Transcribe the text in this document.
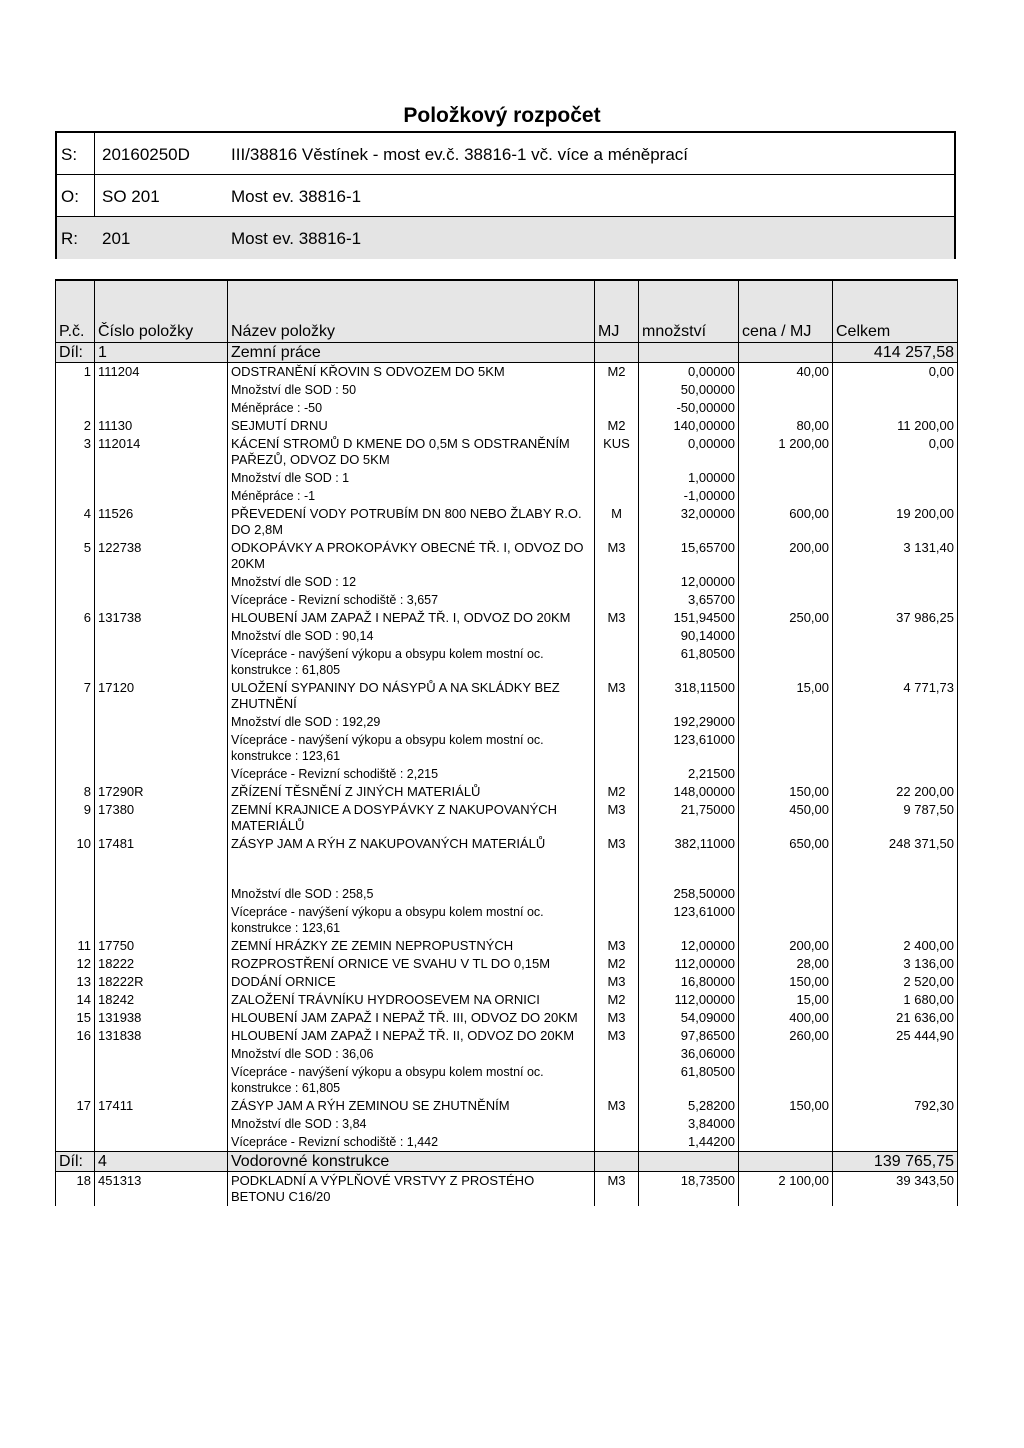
Položkový rozpočet
S: 20160250D III/38816 Věstínek - most ev.č. 38816-1 vč. více a méněprací
O: SO 201	Most ev. 38816-1
R: 201	Most ev. 38816-1
P.č.	Číslo položky	Název položky	MJ	množství	cena / MJ	Celkem
Díl:	1	Zemní práce				414 257,58
1	111204	ODSTRANĚNÍ KŘOVIN S ODVOZEM DO 5KM	M2	0,00000	40,00	0,00
		Množství dle SOD : 50		50,00000		
		Méněpráce : -50		-50,00000		
2	11130	SEJMUTÍ DRNU	M2	140,00000	80,00	11 200,00
3	112014	KÁCENÍ STROMŮ D KMENE DO 0,5M S ODSTRANĚNÍM PAŘEZŮ, ODVOZ DO 5KM	KUS	0,00000	1 200,00	0,00
		Množství dle SOD : 1		1,00000		
		Méněpráce : -1		-1,00000		
4	11526	PŘEVEDENÍ VODY POTRUBÍM DN 800 NEBO ŽLABY R.O. DO 2,8M	M	32,00000	600,00	19 200,00
5	122738	ODKOPÁVKY A PROKOPÁVKY OBECNÉ TŘ. I, ODVOZ DO 20KM	M3	15,65700	200,00	3 131,40
		Množství dle SOD : 12		12,00000		
		Vícepráce - Revizní schodiště : 3,657		3,65700		
6	131738	HLOUBENÍ JAM ZAPAŽ I NEPAŽ TŘ. I, ODVOZ DO 20KM	M3	151,94500	250,00	37 986,25
		Množství dle SOD : 90,14		90,14000		
		Vícepráce - navýšení výkopu a obsypu kolem mostní oc. konstrukce : 61,805		61,80500		
7	17120	ULOŽENÍ SYPANINY DO NÁSYPŮ A NA SKLÁDKY BEZ ZHUTNĚNÍ	M3	318,11500	15,00	4 771,73
		Množství dle SOD : 192,29		192,29000		
		Vícepráce - navýšení výkopu a obsypu kolem mostní oc. konstrukce : 123,61		123,61000		
		Vícepráce - Revizní schodiště : 2,215		2,21500		
8	17290R	ZŘÍZENÍ TĚSNĚNÍ Z JINÝCH MATERIÁLŮ	M2	148,00000	150,00	22 200,00
9	17380	ZEMNÍ KRAJNICE A DOSYPÁVKY Z NAKUPOVANÝCH MATERIÁLŮ	M3	21,75000	450,00	9 787,50
10	17481	ZÁSYP JAM A RÝH Z NAKUPOVANÝCH MATERIÁLŮ	M3	382,11000	650,00	248 371,50
		Množství dle SOD : 258,5		258,50000		
		Vícepráce - navýšení výkopu a obsypu kolem mostní oc. konstrukce : 123,61		123,61000		
11	17750	ZEMNÍ HRÁZKY ZE ZEMIN NEPROPUSTNÝCH	M3	12,00000	200,00	2 400,00
12	18222	ROZPROSTŘENÍ ORNICE VE SVAHU V TL DO 0,15M	M2	112,00000	28,00	3 136,00
13	18222R	DODÁNÍ ORNICE	M3	16,80000	150,00	2 520,00
14	18242	ZALOŽENÍ TRÁVNÍKU HYDROOSEVEM NA ORNICI	M2	112,00000	15,00	1 680,00
15	131938	HLOUBENÍ JAM ZAPAŽ I NEPAŽ TŘ. III, ODVOZ DO 20KM	M3	54,09000	400,00	21 636,00
16	131838	HLOUBENÍ JAM ZAPAŽ I NEPAŽ TŘ. II, ODVOZ DO 20KM	M3	97,86500	260,00	25 444,90
		Množství dle SOD : 36,06		36,06000		
		Vícepráce - navýšení výkopu a obsypu kolem mostní oc. konstrukce : 61,805		61,80500		
17	17411	ZÁSYP JAM A RÝH ZEMINOU SE ZHUTNĚNÍM	M3	5,28200	150,00	792,30
		Množství dle SOD : 3,84		3,84000		
		Vícepráce - Revizní schodiště : 1,442		1,44200		
Díl:	4	Vodorovné konstrukce				139 765,75
18	451313	PODKLADNÍ A VÝPLŇOVÉ VRSTVY Z PROSTÉHO BETONU C16/20	M3	18,73500	2 100,00	39 343,50
